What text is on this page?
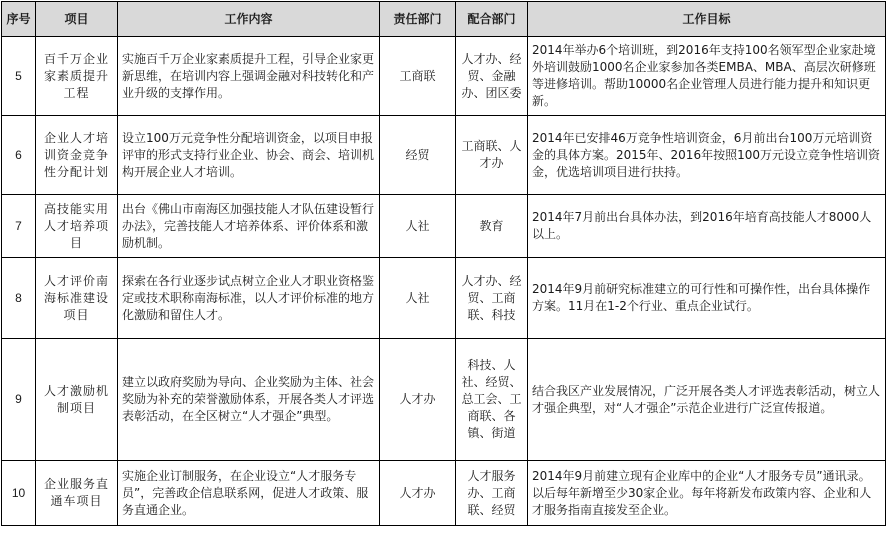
序号	项目	工作内容	责任部门	配合部门	工作目标
5	百千万企业家素质提升工程	实施百千万企业家素质提升工程，引导企业家更新思维，在培训内容上强调金融对科技转化和产业升级的支撑作用。	工商联	人才办、经贸、金融办、团区委	2014年举办6个培训班，到2016年支持100名领军型企业家赴境外培训鼓励1000名企业家参加各类EMBA、MBA、高层次研修班等进修培训。帮助10000名企业管理人员进行能力提升和知识更新。
6	企业人才培训资金竞争性分配计划	设立100万元竞争性分配培训资金，以项目申报评审的形式支持行业企业、协会、商会、培训机构开展企业人才培训。	经贸	工商联、人才办	2014年已安排46万竞争性培训资金，6月前出台100万元培训资金的具体方案。2015年、2016年按照100万元设立竞争性培训资金，优选培训项目进行扶持。
7	高技能实用人才培养项目	出台《佛山市南海区加强技能人才队伍建设暂行办法》，完善技能人才培养体系、评价体系和激励机制。	人社	教育	2014年7月前出台具体办法，到2016年培育高技能人才8000人以上。
8	人才评价南海标准建设项目	探索在各行业逐步试点树立企业人才职业资格鉴定或技术职称南海标准，以人才评价标准的地方化激励和留住人才。	人社	人才办、经贸、工商联、科技	2014年9月前研究标准建立的可行性和可操作性，出台具体操作方案。11月在1-2个行业、重点企业试行。
9	人才激励机制项目	建立以政府奖励为导向、企业奖励为主体、社会奖励为补充的荣誉激励体系，开展各类人才评选表彰活动，在全区树立“人才强企”典型。	人才办	科技、人社、经贸、总工会、工商联、各镇、街道	结合我区产业发展情况，广泛开展各类人才评选表彰活动，树立人才强企典型，对“人才强企”示范企业进行广泛宣传报道。
10	企业服务直通车项目	实施企业订制服务，在企业设立“人才服务专员”，完善政企信息联系网，促进人才政策、服务直通企业。	人才办	人才服务办、工商联、经贸	2014年9月前建立现有企业库中的企业“人才服务专员”通讯录。以后每年新增至少30家企业。每年将新发布政策内容、企业和人才服务指南直接发至企业。
